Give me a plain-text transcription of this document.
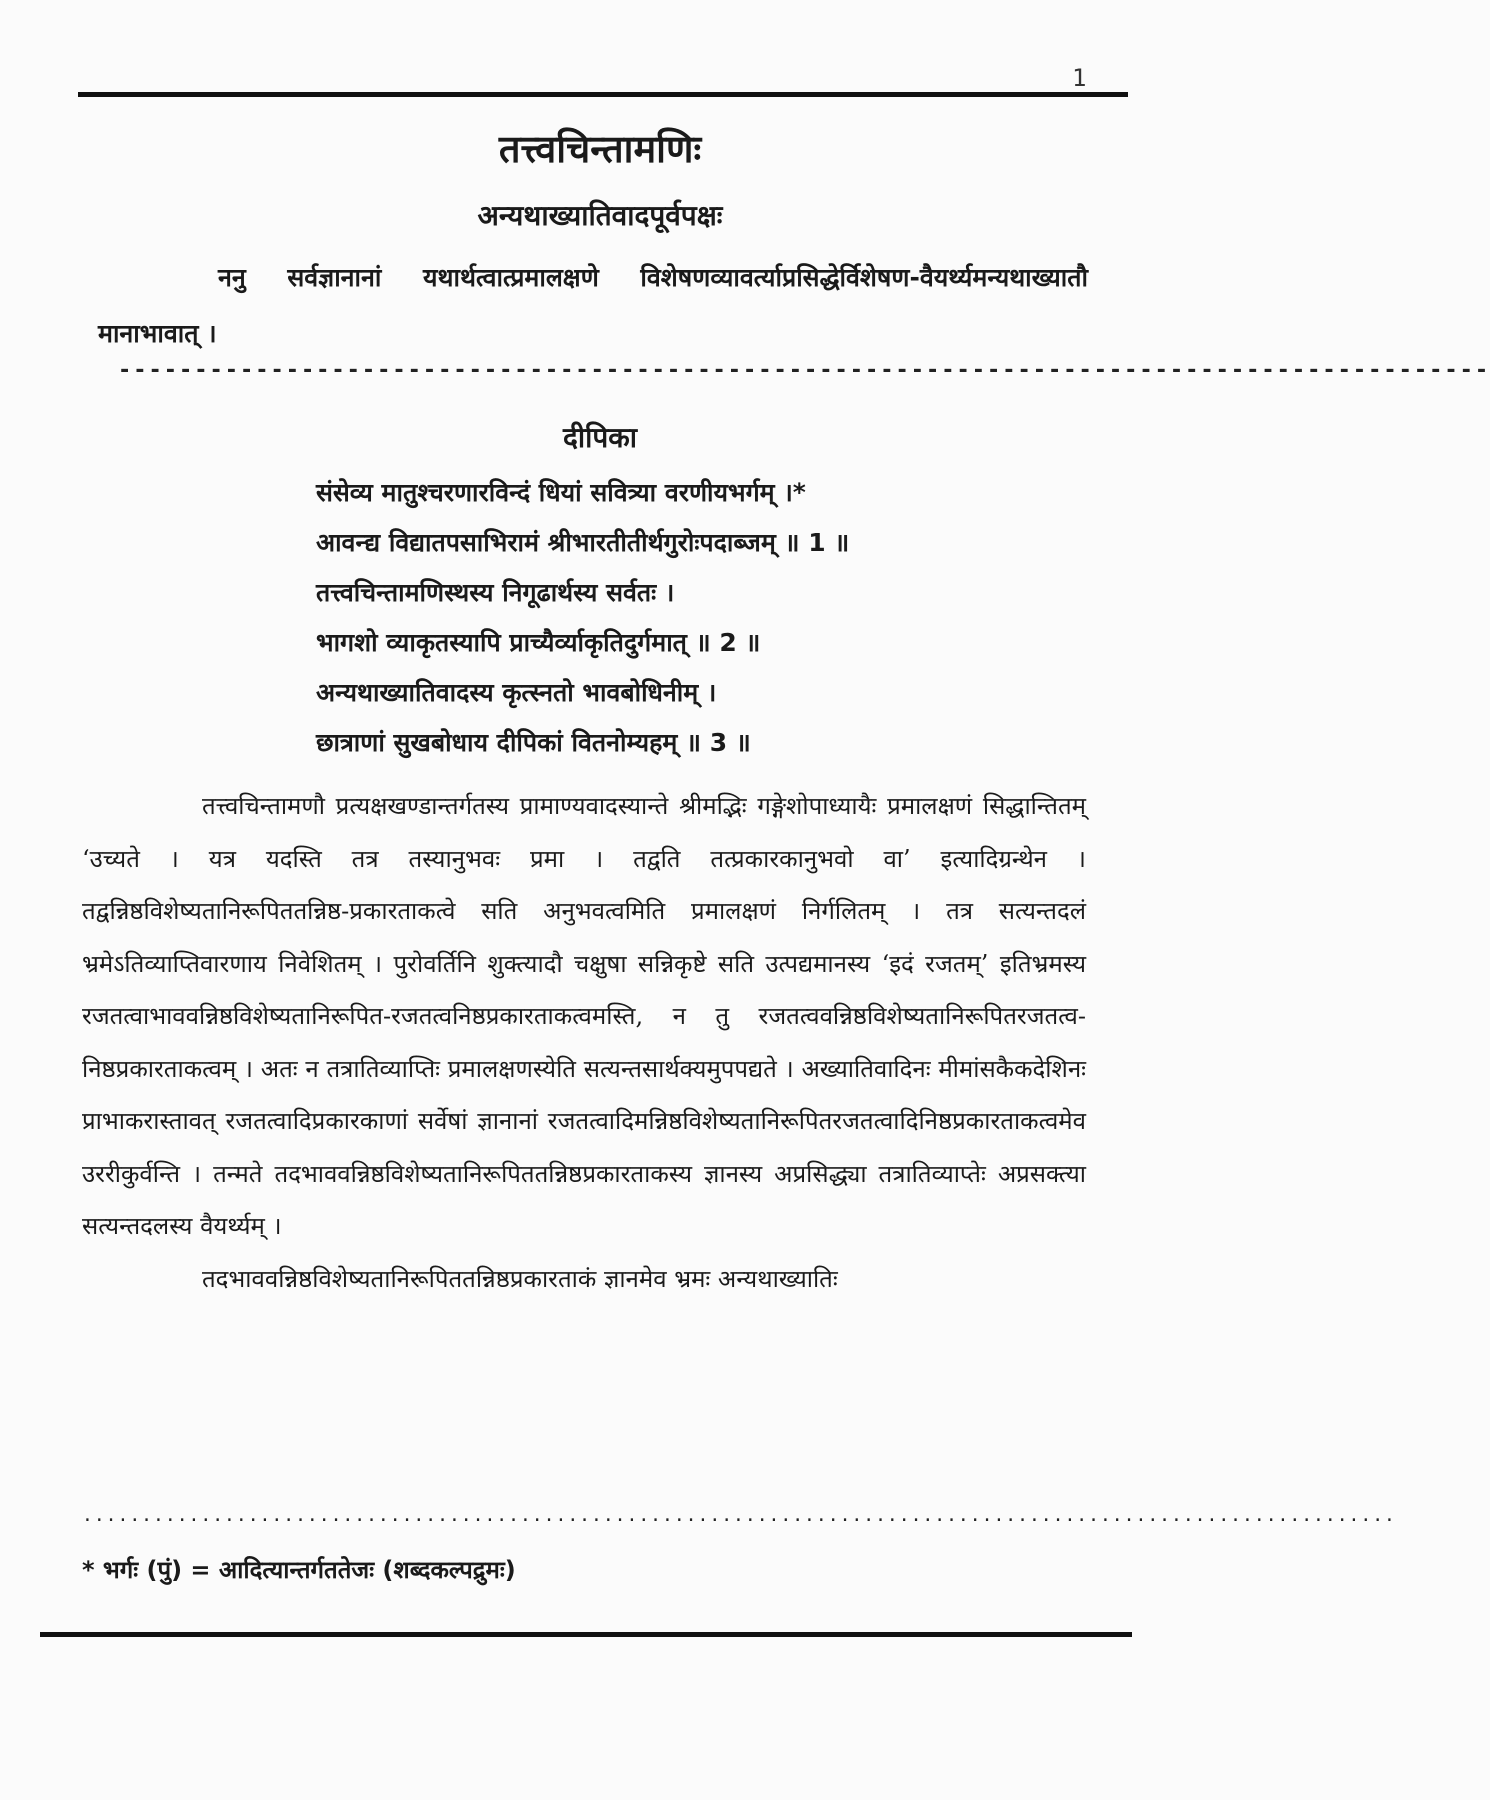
1
तत्त्वचिन्तामणिः
अन्यथाख्यातिवादपूर्वपक्षः
ननु सर्वज्ञानानां यथार्थत्वात्प्रमालक्षणे विशेषणव्यावर्त्याप्रसिद्धेर्विशेषण-वैयर्थ्यमन्यथाख्यातौ मानाभावात् ।
------------------------------------------------------------------------------------------
दीपिका
संसेव्य मातुश्चरणारविन्दं धियां सवित्र्या वरणीयभर्गम् ।*
आवन्द्य विद्यातपसाभिरामं श्रीभारतीतीर्थगुरोःपदाब्जम् ॥ 1 ॥
तत्त्वचिन्तामणिस्थस्य निगूढार्थस्य सर्वतः ।
भागशो व्याकृतस्यापि प्राच्यैर्व्याकृतिदुर्गमात् ॥ 2 ॥
अन्यथाख्यातिवादस्य कृत्स्नतो भावबोधिनीम् ।
छात्राणां सुखबोधाय दीपिकां वितनोम्यहम् ॥ 3 ॥

तत्त्वचिन्तामणौ प्रत्यक्षखण्डान्तर्गतस्य प्रामाण्यवादस्यान्ते श्रीमद्भिः गङ्गेशोपाध्यायैः प्रमालक्षणं सिद्धान्तितम् ‘उच्यते । यत्र यदस्ति तत्र तस्यानुभवः प्रमा । तद्वति तत्प्रकारकानुभवो वा’ इत्यादिग्रन्थेन । तद्वन्निष्ठविशेष्यतानिरूपिततन्निष्ठ-प्रकारताकत्वे सति अनुभवत्वमिति प्रमालक्षणं निर्गलितम् । तत्र सत्यन्तदलं भ्रमेऽतिव्याप्तिवारणाय निवेशितम् । पुरोवर्तिनि शुक्त्यादौ चक्षुषा सन्निकृष्टे सति उत्पद्यमानस्य ‘इदं रजतम्’ इतिभ्रमस्य रजतत्वाभाववन्निष्ठविशेष्यतानिरूपित-रजतत्वनिष्ठप्रकारताकत्वमस्ति, न तु रजतत्ववन्निष्ठविशेष्यतानिरूपितरजतत्व-निष्ठप्रकारताकत्वम् । अतः न तत्रातिव्याप्तिः प्रमालक्षणस्येति सत्यन्तसार्थक्यमुपपद्यते । अख्यातिवादिनः मीमांसकैकदेशिनः प्राभाकरास्तावत् रजतत्वादिप्रकारकाणां सर्वेषां ज्ञानानां रजतत्वादिमन्निष्ठविशेष्यतानिरूपितरजतत्वादिनिष्ठप्रकारताकत्वमेव उररीकुर्वन्ति । तन्मते तदभाववन्निष्ठविशेष्यतानिरूपिततन्निष्ठप्रकारताकस्य ज्ञानस्य अप्रसिद्ध्या तत्रातिव्याप्तेः अप्रसक्त्या सत्यन्तदलस्य वैयर्थ्यम् ।

तदभाववन्निष्ठविशेष्यतानिरूपिततन्निष्ठप्रकारताकं ज्ञानमेव भ्रमः अन्यथाख्यातिः

...............................................................................................................
* भर्गः (पुं) = आदित्यान्तर्गततेजः (शब्दकल्पद्रुमः)
